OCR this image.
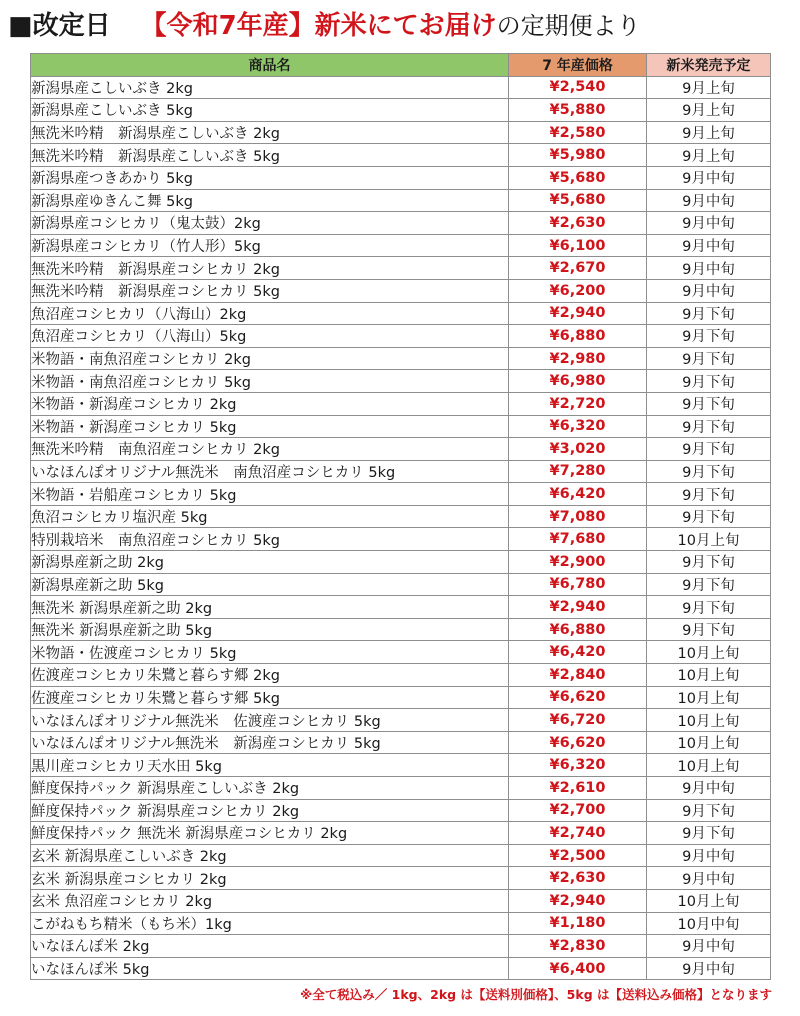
■改定日 【令和7年産】新米にてお届けの定期便より
商品名	7 年産価格	新米発売予定
新潟県産こしいぶき 2kg	¥2,540	9月上旬
新潟県産こしいぶき 5kg	¥5,880	9月上旬
無洗米吟精　新潟県産こしいぶき 2kg	¥2,580	9月上旬
無洗米吟精　新潟県産こしいぶき 5kg	¥5,980	9月上旬
新潟県産つきあかり 5kg	¥5,680	9月中旬
新潟県産ゆきんこ舞 5kg	¥5,680	9月中旬
新潟県産コシヒカリ（鬼太鼓）2kg	¥2,630	9月中旬
新潟県産コシヒカリ（竹人形）5kg	¥6,100	9月中旬
無洗米吟精　新潟県産コシヒカリ 2kg	¥2,670	9月中旬
無洗米吟精　新潟県産コシヒカリ 5kg	¥6,200	9月中旬
魚沼産コシヒカリ（八海山）2kg	¥2,940	9月下旬
魚沼産コシヒカリ（八海山）5kg	¥6,880	9月下旬
米物語・南魚沼産コシヒカリ 2kg	¥2,980	9月下旬
米物語・南魚沼産コシヒカリ 5kg	¥6,980	9月下旬
米物語・新潟産コシヒカリ 2kg	¥2,720	9月下旬
米物語・新潟産コシヒカリ 5kg	¥6,320	9月下旬
無洗米吟精　南魚沼産コシヒカリ 2kg	¥3,020	9月下旬
いなほんぽオリジナル無洗米　南魚沼産コシヒカリ 5kg	¥7,280	9月下旬
米物語・岩船産コシヒカリ 5kg	¥6,420	9月下旬
魚沼コシヒカリ塩沢産 5kg	¥7,080	9月下旬
特別栽培米　南魚沼産コシヒカリ 5kg	¥7,680	10月上旬
新潟県産新之助 2kg	¥2,900	9月下旬
新潟県産新之助 5kg	¥6,780	9月下旬
無洗米 新潟県産新之助 2kg	¥2,940	9月下旬
無洗米 新潟県産新之助 5kg	¥6,880	9月下旬
米物語・佐渡産コシヒカリ 5kg	¥6,420	10月上旬
佐渡産コシヒカリ朱鷺と暮らす郷 2kg	¥2,840	10月上旬
佐渡産コシヒカリ朱鷺と暮らす郷 5kg	¥6,620	10月上旬
いなほんぽオリジナル無洗米　佐渡産コシヒカリ 5kg	¥6,720	10月上旬
いなほんぽオリジナル無洗米　新潟産コシヒカリ 5kg	¥6,620	10月上旬
黒川産コシヒカリ天水田 5kg	¥6,320	10月上旬
鮮度保持パック 新潟県産こしいぶき 2kg	¥2,610	9月中旬
鮮度保持パック 新潟県産コシヒカリ 2kg	¥2,700	9月下旬
鮮度保持パック 無洗米 新潟県産コシヒカリ 2kg	¥2,740	9月下旬
玄米 新潟県産こしいぶき 2kg	¥2,500	9月中旬
玄米 新潟県産コシヒカリ 2kg	¥2,630	9月中旬
玄米 魚沼産コシヒカリ 2kg	¥2,940	10月上旬
こがねもち精米（もち米）1kg	¥1,180	10月中旬
いなほんぽ米 2kg	¥2,830	9月中旬
いなほんぽ米 5kg	¥6,400	9月中旬
※全て税込み／ 1kg、2kg は【送料別価格】、5kg は【送料込み価格】となります
